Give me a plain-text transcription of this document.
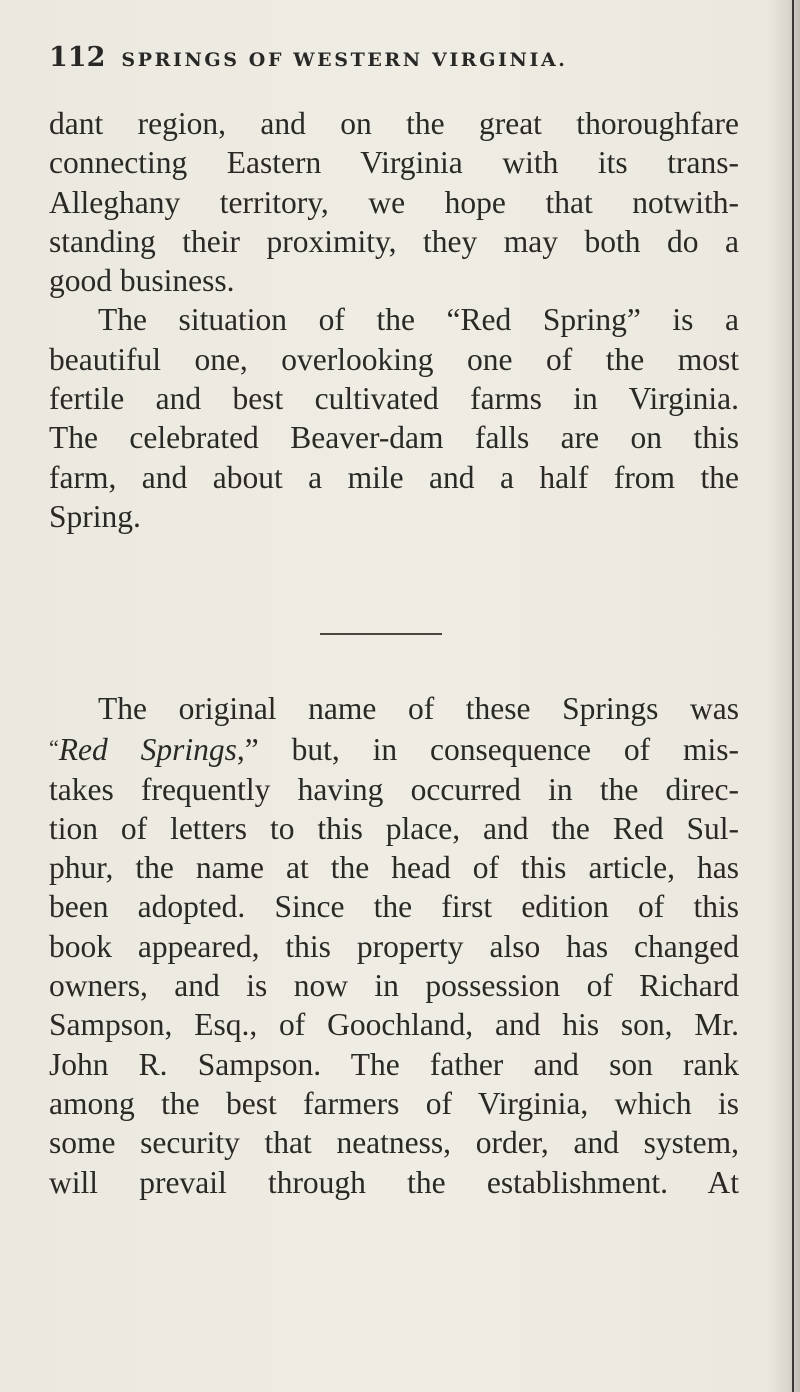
112 SPRINGS OF WESTERN VIRGINIA.
dant region, and on the great thoroughfare
connecting Eastern Virginia with its trans-
Alleghany territory, we hope that notwith-
standing their proximity, they may both do a
good business.
The situation of the “Red Spring” is a
beautiful one, overlooking one of the most
fertile and best cultivated farms in Virginia.
The celebrated Beaver-dam falls are on this
farm, and about a mile and a half from the
Spring.
The original name of these Springs was
“Red Springs,” but, in consequence of mis-
takes frequently having occurred in the direc-
tion of letters to this place, and the Red Sul-
phur, the name at the head of this article, has
been adopted. Since the first edition of this
book appeared, this property also has changed
owners, and is now in possession of Richard
Sampson, Esq., of Goochland, and his son, Mr.
John R. Sampson. The father and son rank
among the best farmers of Virginia, which is
some security that neatness, order, and system,
will prevail through the establishment. At
